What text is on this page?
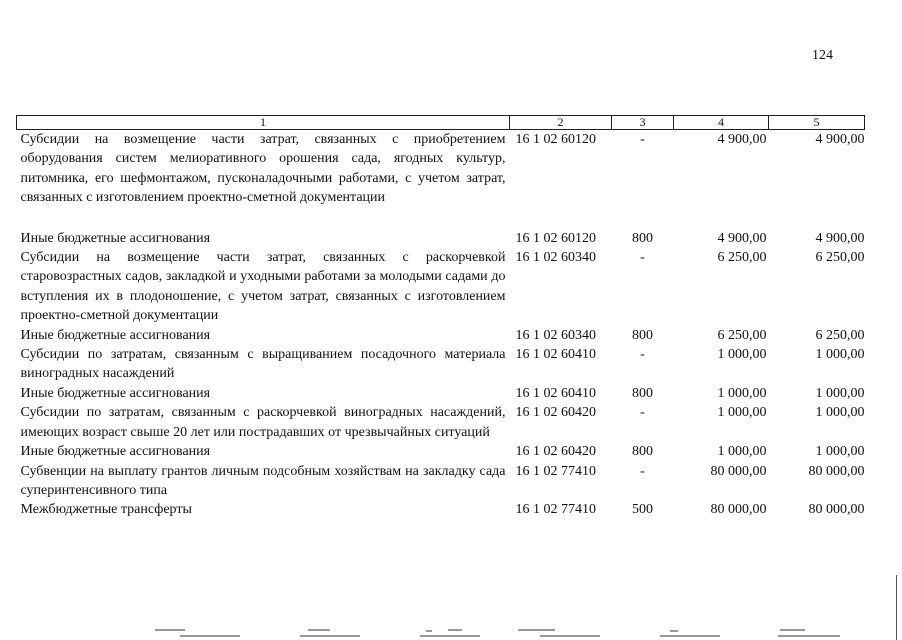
124
1	2	3	4	5
Субсидии на возмещение части затрат, связанных с приобретением оборудования систем мелиоративного орошения сада, ягодных культур, питомника, его шефмонтажом, пусконаладочными работами, с учетом затрат, связанных с изготовлением проектно-сметной документации	16 1 02 60120	-	4 900,00	4 900,00
Иные бюджетные ассигнования	16 1 02 60120	800	4 900,00	4 900,00
Субсидии на возмещение части затрат, связанных с раскорчевкой старовозрастных садов, закладкой и уходными работами за молодыми садами до вступления их в плодоношение, с учетом затрат, связанных с изготовлением проектно-сметной документации	16 1 02 60340	-	6 250,00	6 250,00
Иные бюджетные ассигнования	16 1 02 60340	800	6 250,00	6 250,00
Субсидии по затратам, связанным с выращиванием посадочного материала виноградных насаждений	16 1 02 60410	-	1 000,00	1 000,00
Иные бюджетные ассигнования	16 1 02 60410	800	1 000,00	1 000,00
Субсидии по затратам, связанным с раскорчевкой виноградных насаждений, имеющих возраст свыше 20 лет или пострадавших от чрезвычайных ситуаций	16 1 02 60420	-	1 000,00	1 000,00
Иные бюджетные ассигнования	16 1 02 60420	800	1 000,00	1 000,00
Субвенции на выплату грантов личным подсобным хозяйствам на закладку сада суперинтенсивного типа	16 1 02 77410	-	80 000,00	80 000,00
Межбюджетные трансферты	16 1 02 77410	500	80 000,00	80 000,00
